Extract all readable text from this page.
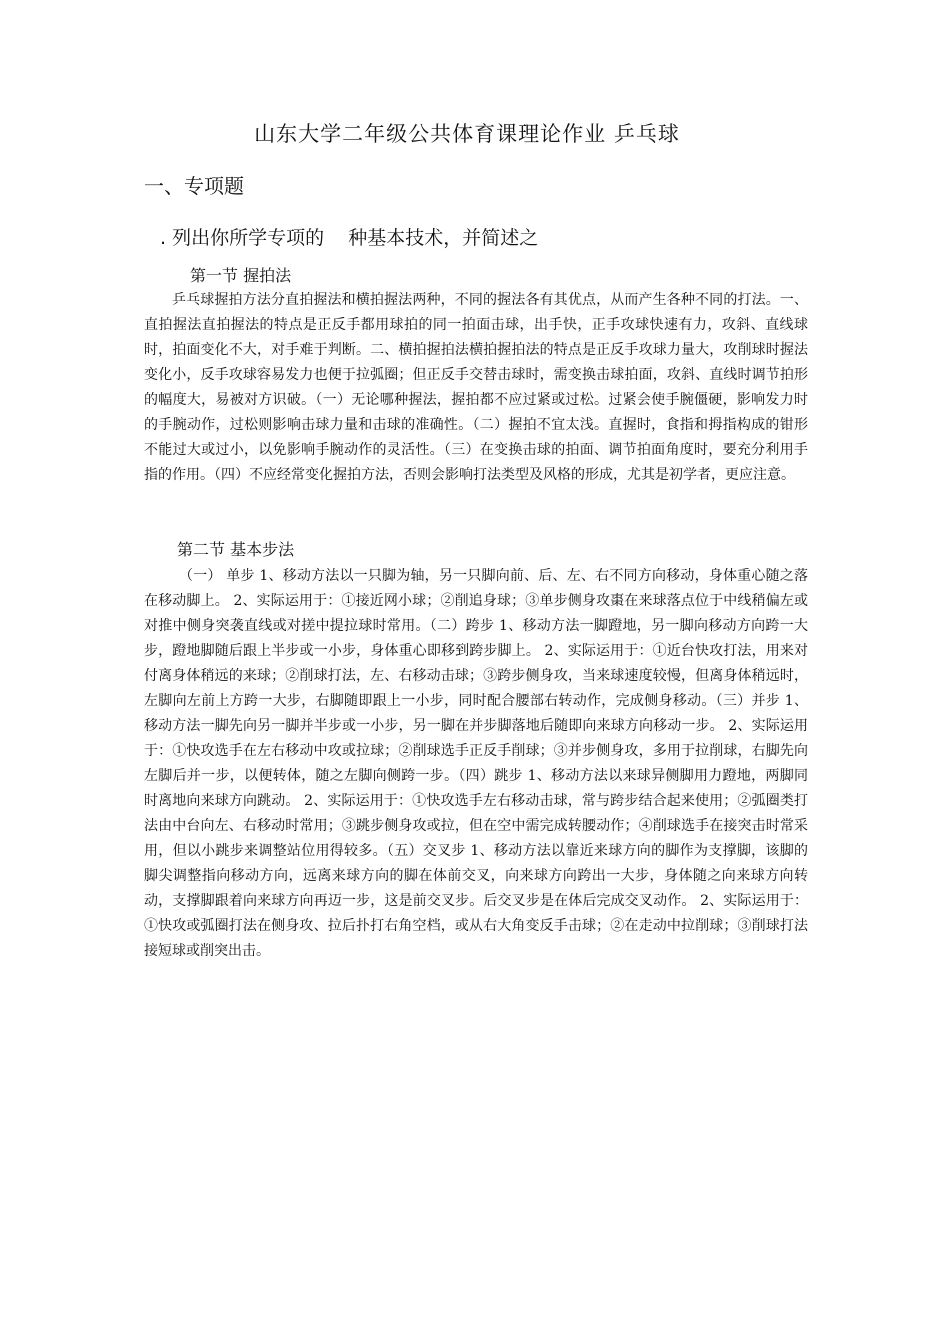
山东大学二年级公共体育课理论作业 乒乓球
一、专项题
. 列出你所学专项的    种基本技术，并简述之
第一节 握拍法
乒乓球握拍方法分直拍握法和横拍握法两种，不同的握法各有其优点，从而产生各种不同的打法。一、直拍握法直拍握法的特点是正反手都用球拍的同一拍面击球，出手快，正手攻球快速有力，攻斜、直线球时，拍面变化不大，对手难于判断。二、横拍握拍法横拍握拍法的特点是正反手攻球力量大，攻削球时握法变化小，反手攻球容易发力也便于拉弧圈；但正反手交替击球时，需变换击球拍面，攻斜、直线时调节拍形的幅度大，易被对方识破。（一）无论哪种握法，握拍都不应过紧或过松。过紧会使手腕僵硬，影响发力时的手腕动作，过松则影响击球力量和击球的准确性。（二）握拍不宜太浅。直握时，食指和拇指构成的钳形不能过大或过小，以免影响手腕动作的灵活性。（三）在变换击球的拍面、调节拍面角度时，要充分利用手指的作用。（四）不应经常变化握拍方法，否则会影响打法类型及风格的形成，尤其是初学者，更应注意。
第二节 基本步法
（一） 单步 1、移动方法以一只脚为轴，另一只脚向前、后、左、右不同方向移动，身体重心随之落在移动脚上。 2、实际运用于：①接近网小球；②削追身球；③单步侧身攻棗在来球落点位于中线稍偏左或对推中侧身突袭直线或对搓中提拉球时常用。（二）跨步 1、移动方法一脚蹬地，另一脚向移动方向跨一大步，蹬地脚随后跟上半步或一小步，身体重心即移到跨步脚上。 2、实际运用于：①近台快攻打法，用来对付离身体稍远的来球；②削球打法，左、右移动击球；③跨步侧身攻，当来球速度较慢，但离身体稍远时，左脚向左前上方跨一大步，右脚随即跟上一小步，同时配合腰部右转动作，完成侧身移动。（三）并步 1、移动方法一脚先向另一脚并半步或一小步，另一脚在并步脚落地后随即向来球方向移动一步。 2、实际运用于：①快攻选手在左右移动中攻或拉球；②削球选手正反手削球；③并步侧身攻，多用于拉削球，右脚先向左脚后并一步，以便转体，随之左脚向侧跨一步。（四）跳步 1、移动方法以来球异侧脚用力蹬地，两脚同时离地向来球方向跳动。 2、实际运用于：①快攻选手左右移动击球，常与跨步结合起来使用；②弧圈类打法由中台向左、右移动时常用；③跳步侧身攻或拉，但在空中需完成转腰动作；④削球选手在接突击时常采用，但以小跳步来调整站位用得较多。（五）交叉步 1、移动方法以靠近来球方向的脚作为支撑脚，该脚的脚尖调整指向移动方向，远离来球方向的脚在体前交叉，向来球方向跨出一大步，身体随之向来球方向转动，支撑脚跟着向来球方向再迈一步，这是前交叉步。后交叉步是在体后完成交叉动作。 2、实际运用于：①快攻或弧圈打法在侧身攻、拉后扑打右角空档，或从右大角变反手击球；②在走动中拉削球；③削球打法接短球或削突出击。
